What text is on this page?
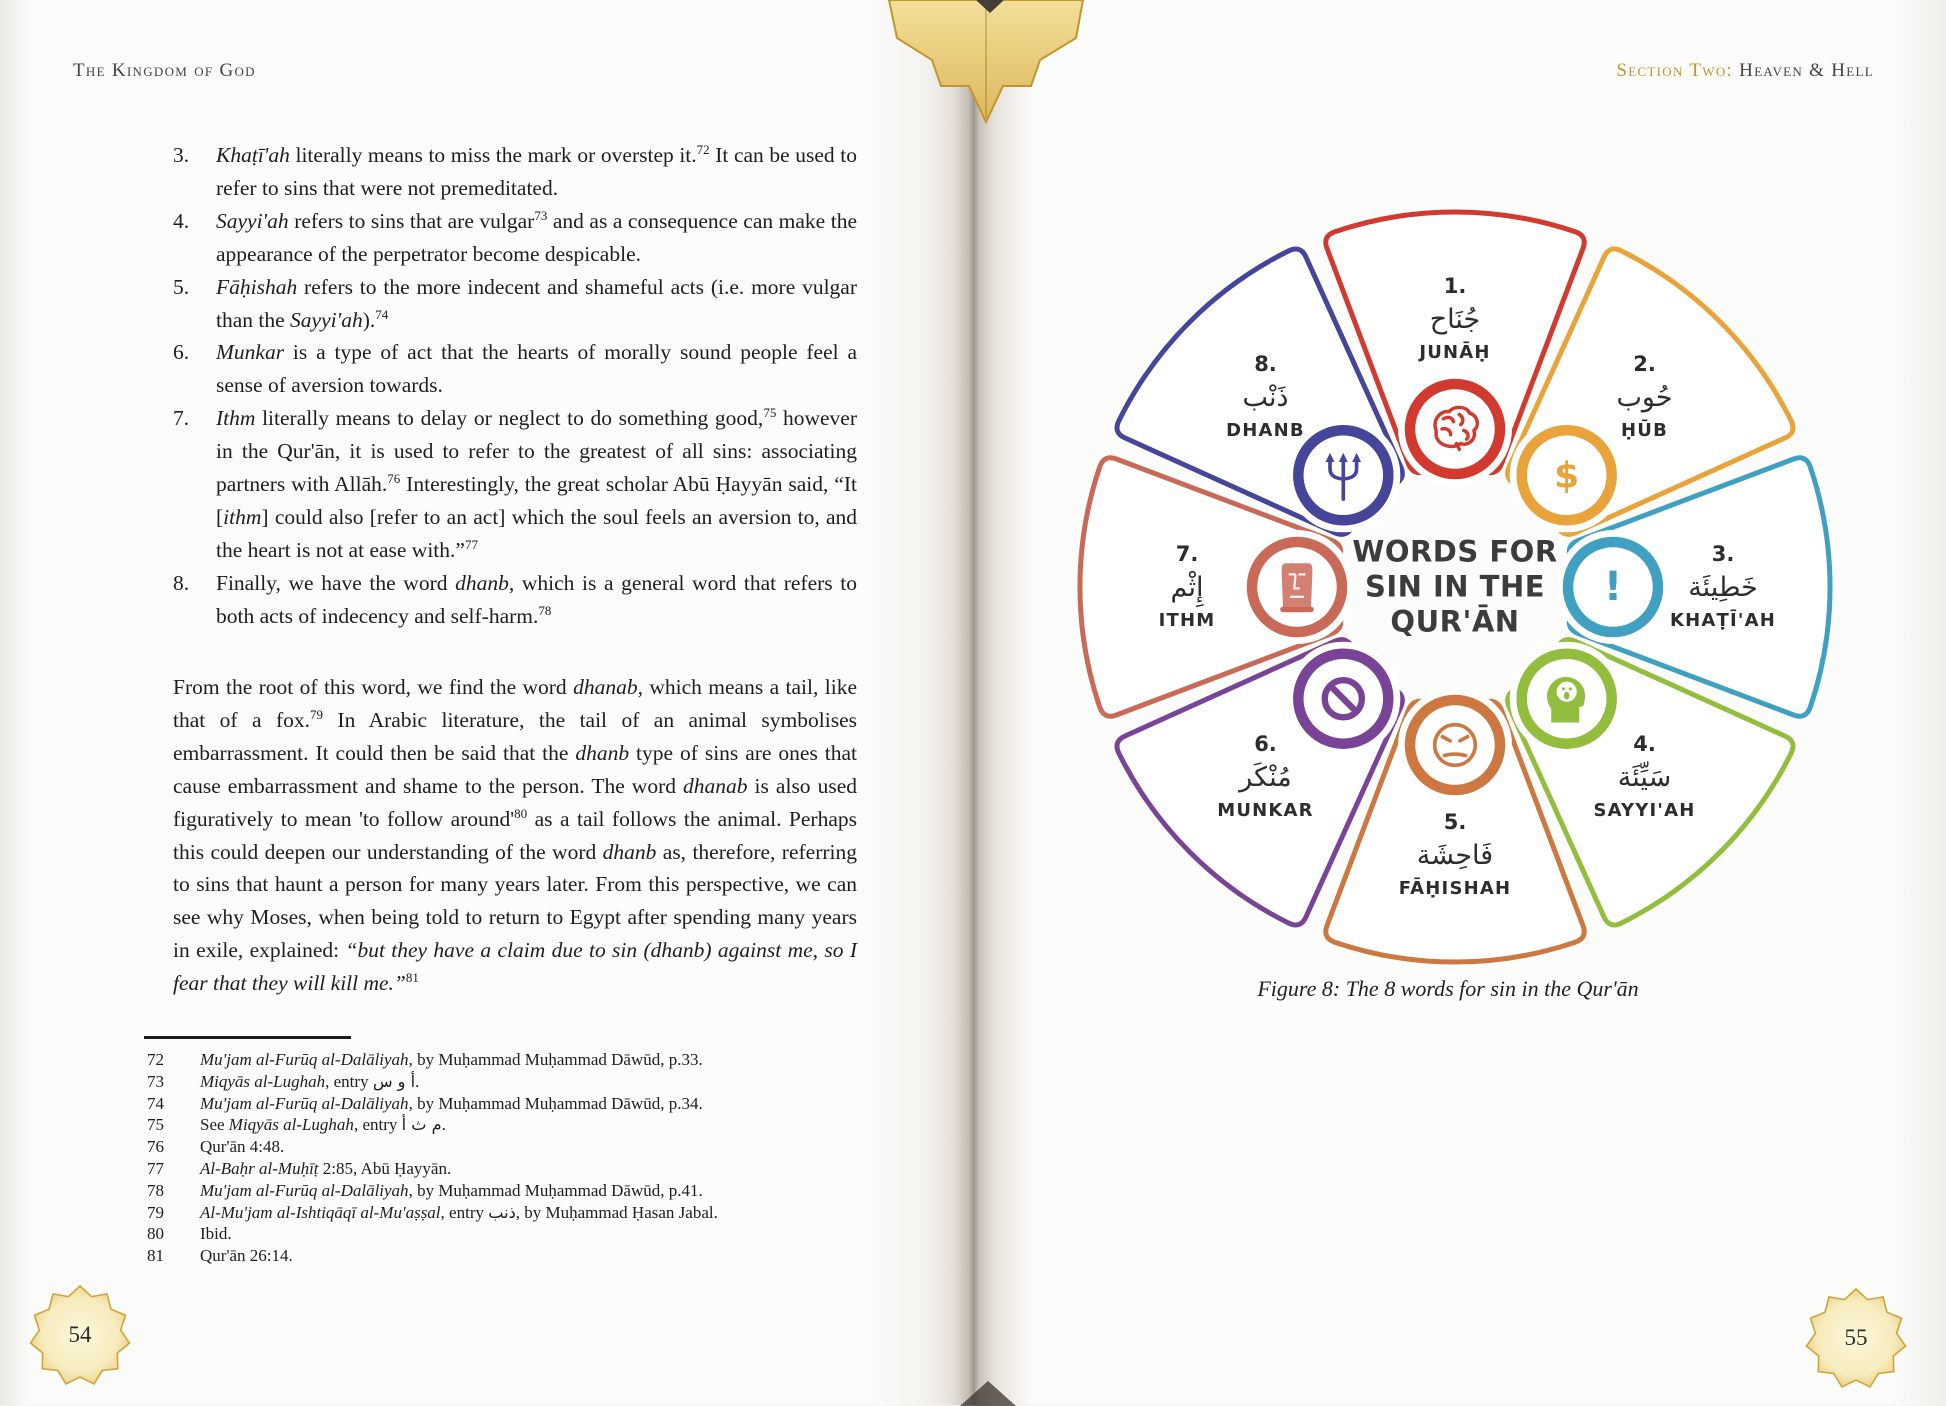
The Kingdom of God
3. Khaṭī'ah literally means to miss the mark or overstep it.$^{72}$ It can be used to refer to sins that were not premeditated.
4. Sayyi'ah refers to sins that are vulgar$^{73}$ and as a consequence can make the appearance of the perpetrator become despicable.
5. Fāḥishah refers to the more indecent and shameful acts (i.e. more vulgar than the Sayyi'ah).$^{74}$
6. Munkar is a type of act that the hearts of morally sound people feel a sense of aversion towards.
7. Ithm literally means to delay or neglect to do something good,$^{75}$ however in the Qur'ān, it is used to refer to the greatest of all sins: associating partners with Allāh.$^{76}$ Interestingly, the great scholar Abū Ḥayyān said, “It [ithm] could also [refer to an act] which the soul feels an aversion to, and the heart is not at ease with.”$^{77}$
8. Finally, we have the word dhanb, which is a general word that refers to both acts of indecency and self-harm.$^{78}$

From the root of this word, we find the word dhanab, which means a tail, like that of a fox.$^{79}$ In Arabic literature, the tail of an animal symbolises embarrassment. It could then be said that the dhanb type of sins are ones that cause embarrassment and shame to the person. The word dhanab is also used figuratively to mean 'to follow $around'^{80}$ as a tail follows the animal. Perhaps this could deepen our understanding of the word dhanb as, therefore, referring to sins that haunt a person for many years later. From this perspective, we can see why Moses, when being told to return to Egypt after spending many years in exile, explained: “but they have a claim due to sin (dhanb) against me, so I fear that they will kill me.”$^{81}$

72 Mu'jam al-Furūq al-Dalāliyah, by Muḥammad Muḥammad Dāwūd, p.33.
73 Miqyās al-Lughah, entry س و أ.
74 Mu'jam al-Furūq al-Dalāliyah, by Muḥammad Muḥammad Dāwūd, p.34.
75 See Miqyās al-Lughah, entry أ ث م.
76 Qur'ān 4:48.
77 Al-Baḥr al-Muḥīṭ 2:85, Abū Ḥayyān.
78 Mu'jam al-Furūq al-Dalāliyah, by Muḥammad Muḥammad Dāwūd, p.41.
79 Al-Mu'jam al-Ishtiqāqī al-Mu'aṣṣal, entry ذنب, by Muḥammad Ḥasan Jabal.
80 Ibid.
81 Qur'ān 26:14.
54
Section Two: Heaven & Hell
$
!
WORDS FOR
SIN IN THE
QUR'ĀN
1.
جُنَاح
JUNĀḤ	2.
حُوب
ḤŪB
3.
خَطِيئَة
KHAṬĪ'AH
4.
سَيِّئَة
SAYYI'AH
5.
فَاحِشَة
FĀḤISHAH
6.
مُنْكَر
MUNKAR
7.
إِثْم
ITHM
8.
ذَنْب
DHANB
Figure 8: The 8 words for sin in the Qur'ān
55
